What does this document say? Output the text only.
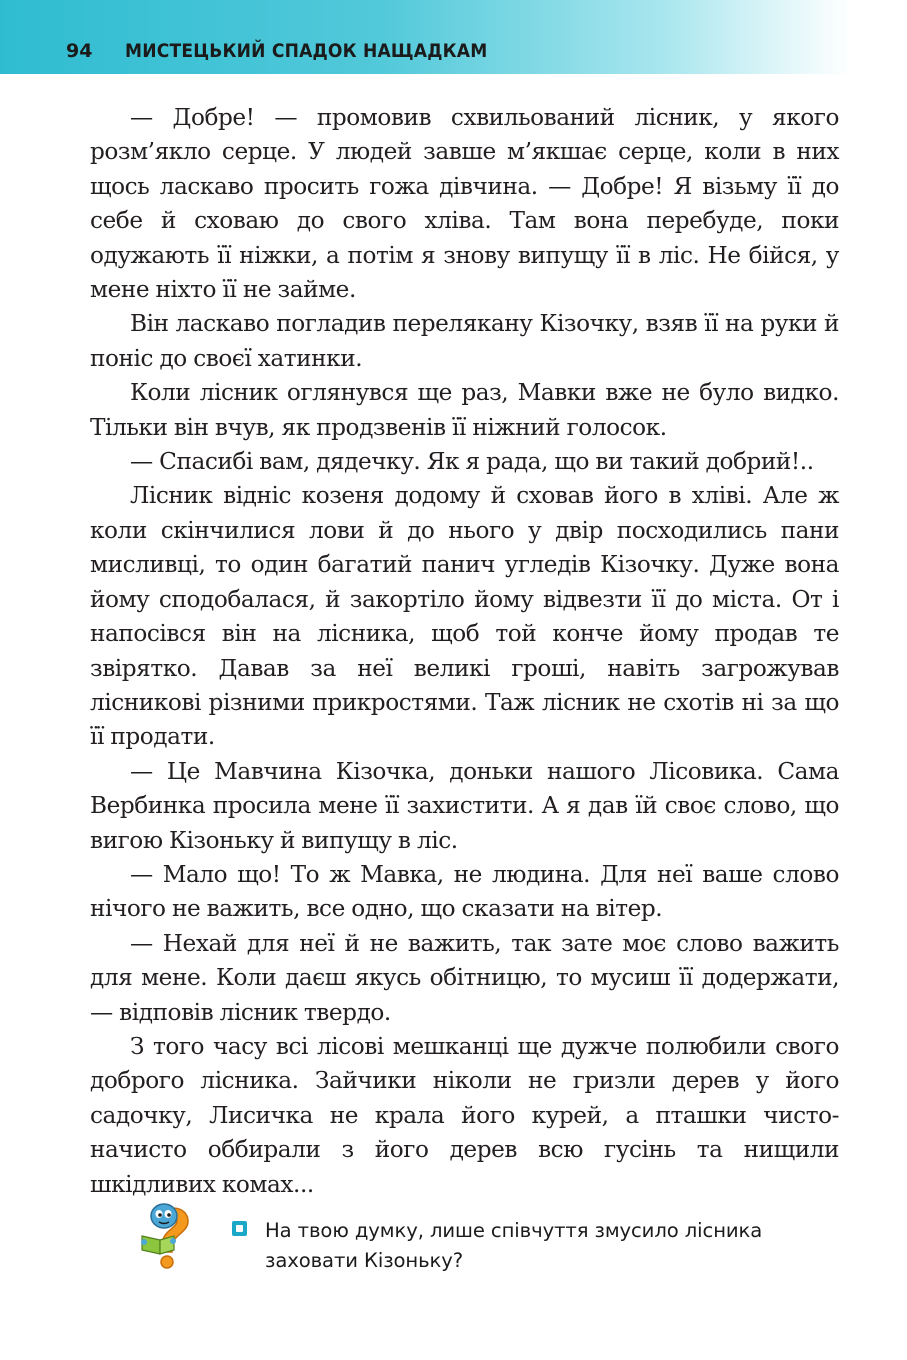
94 МИСТЕЦЬКИЙ СПАДОК НАЩАДКАМ

— Добре! — промовив схвильований лісник, у якого розм’якло серце. У людей завше м’якшає серце, коли в них щось ласкаво просить гожа дівчина. — Добре! Я візьму її до себе й сховаю до свого хліва. Там вона перебуде, поки одужають її ніжки, а потім я знову випущу її в ліс. Не бійся, у мене ніхто її не займе.

Він ласкаво погладив перелякану Кізочку, взяв її на руки й поніс до своєї хатинки.

Коли лісник оглянувся ще раз, Мавки вже не було видко. Тільки він вчув, як продзвенів її ніжний голосок.

— Спасибі вам, дядечку. Як я рада, що ви такий добрий!..

Лісник відніс козеня додому й сховав його в хліві. Але ж коли скінчилися лови й до нього у двір посходились пани мисливці, то один багатий панич угледів Кізочку. Дуже вона йому сподобалася, й закортіло йому відвезти її до міста. От і напосівся він на лісника, щоб той конче йому продав те звірятко. Давав за неї великі гроші, навіть загрожував лісникові різними прикростями. Таж лісник не схотів ні за що її продати.

— Це Мавчина Кізочка, доньки нашого Лісовика. Сама Вербинка просила мене її захистити. А я дав їй своє слово, що вигою Кізоньку й випущу в ліс.

— Мало що! То ж Мавка, не людина. Для неї ваше слово нічого не важить, все одно, що сказати на вітер.

— Нехай для неї й не важить, так зате моє слово важить для мене. Коли даєш якусь обітницю, то мусиш її додержати, — відповів лісник твердо.

З того часу всі лісові мешканці ще дужче полюбили свого доброго лісника. Зайчики ніколи не гризли дерев у його садочку, Лисичка не крала його курей, а пташки чисто-начисто оббирали з його дерев всю гусінь та нищили шкідливих комах...

На твою думку, лише співчуття змусило лісника заховати Кізоньку?
